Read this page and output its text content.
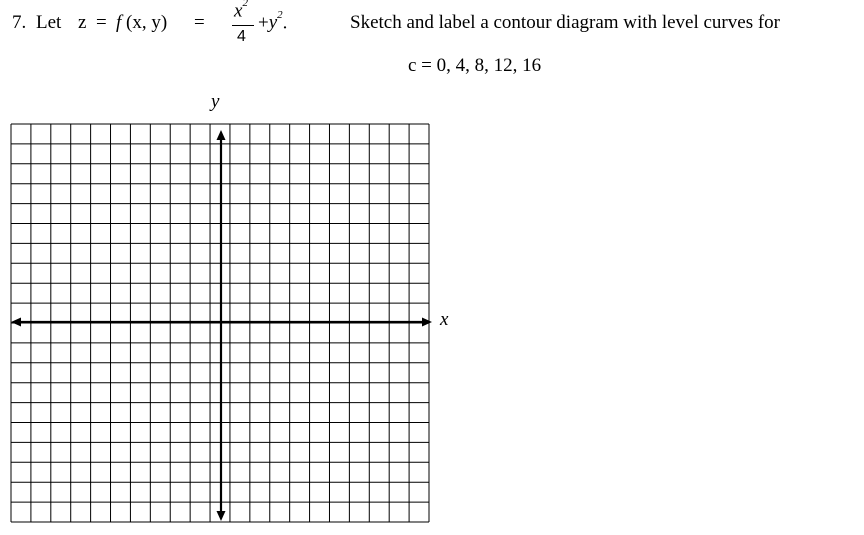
7. Let z = f (x, y) =
$x^2$
4
$+y^2$.	Sketch and label a contour diagram with level curves for
c = 0, 4, 8, 12, 16
y
x
